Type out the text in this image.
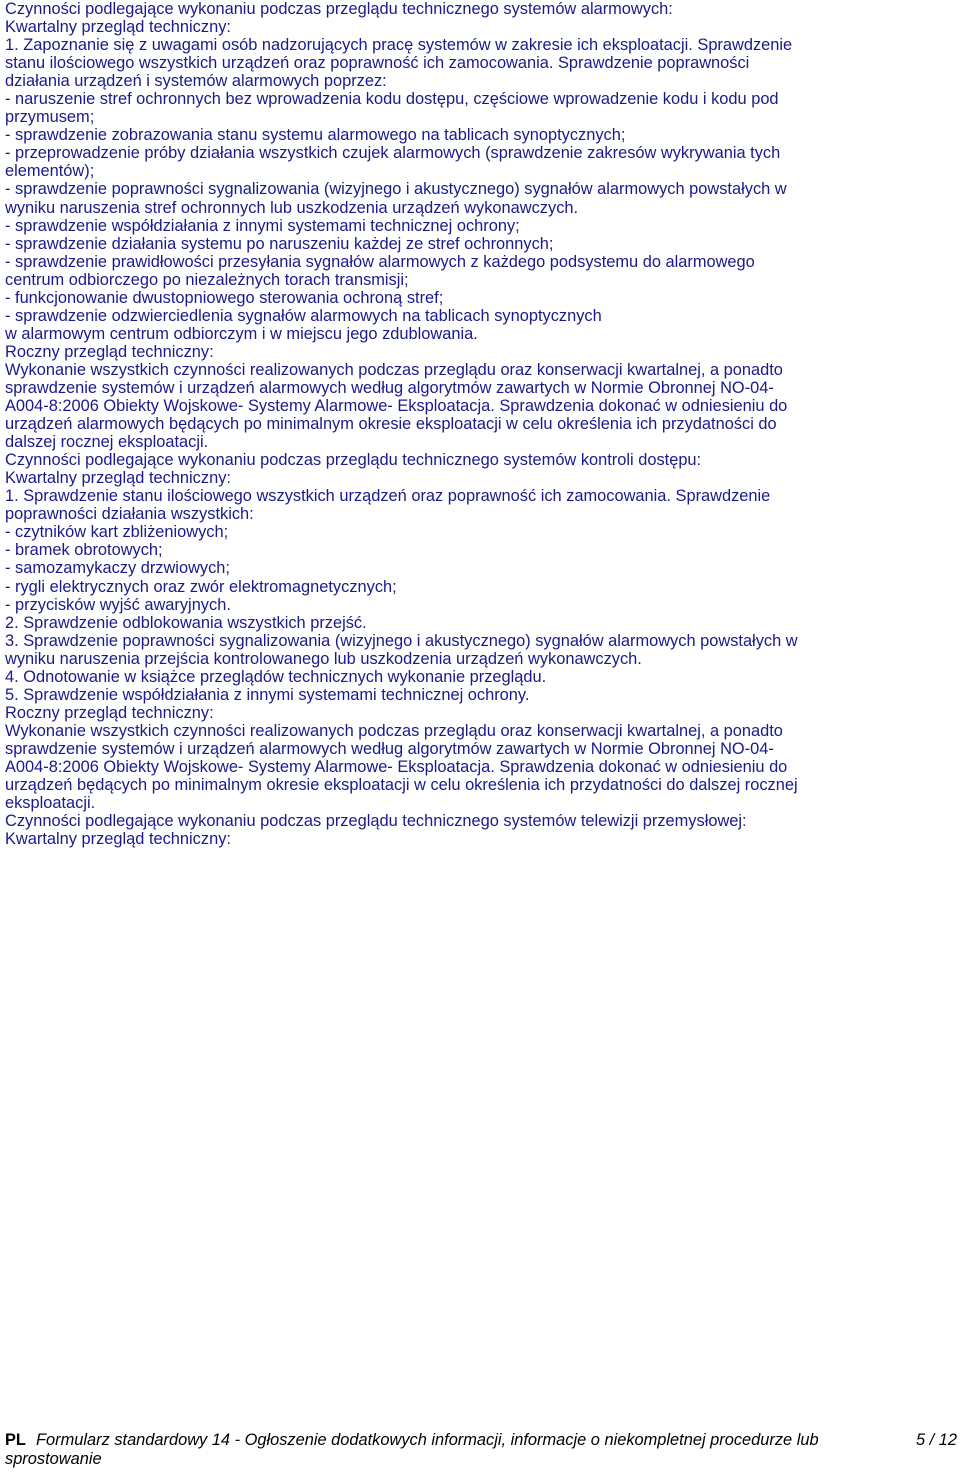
Czynności podlegające wykonaniu podczas przeglądu technicznego systemów alarmowych:
Kwartalny przegląd techniczny:
1. Zapoznanie się z uwagami osób nadzorujących pracę systemów w zakresie ich eksploatacji. Sprawdzenie
stanu ilościowego wszystkich urządzeń oraz poprawność ich zamocowania. Sprawdzenie poprawności
działania urządzeń i systemów alarmowych poprzez:
- naruszenie stref ochronnych bez wprowadzenia kodu dostępu, częściowe wprowadzenie kodu i kodu pod
przymusem;
- sprawdzenie zobrazowania stanu systemu alarmowego na tablicach synoptycznych;
- przeprowadzenie próby działania wszystkich czujek alarmowych (sprawdzenie zakresów wykrywania tych
elementów);
- sprawdzenie poprawności sygnalizowania (wizyjnego i akustycznego) sygnałów alarmowych powstałych w
wyniku naruszenia stref ochronnych lub uszkodzenia urządzeń wykonawczych.
- sprawdzenie współdziałania z innymi systemami technicznej ochrony;
- sprawdzenie działania systemu po naruszeniu każdej ze stref ochronnych;
- sprawdzenie prawidłowości przesyłania sygnałów alarmowych z każdego podsystemu do alarmowego
centrum odbiorczego po niezależnych torach transmisji;
- funkcjonowanie dwustopniowego sterowania ochroną stref;
- sprawdzenie odzwierciedlenia sygnałów alarmowych na tablicach synoptycznych
w alarmowym centrum odbiorczym i w miejscu jego zdublowania.
Roczny przegląd techniczny:
Wykonanie wszystkich czynności realizowanych podczas przeglądu oraz konserwacji kwartalnej, a ponadto
sprawdzenie systemów i urządzeń alarmowych według algorytmów zawartych w Normie Obronnej NO-04-
A004-8:2006 Obiekty Wojskowe- Systemy Alarmowe- Eksploatacja. Sprawdzenia dokonać w odniesieniu do
urządzeń alarmowych będących po minimalnym okresie eksploatacji w celu określenia ich przydatności do
dalszej rocznej eksploatacji.
Czynności podlegające wykonaniu podczas przeglądu technicznego systemów kontroli dostępu:
Kwartalny przegląd techniczny:
1. Sprawdzenie stanu ilościowego wszystkich urządzeń oraz poprawność ich zamocowania. Sprawdzenie
poprawności działania wszystkich:
- czytników kart zbliżeniowych;
- bramek obrotowych;
- samozamykaczy drzwiowych;
- rygli elektrycznych oraz zwór elektromagnetycznych;
- przycisków wyjść awaryjnych.
2. Sprawdzenie odblokowania wszystkich przejść.
3. Sprawdzenie poprawności sygnalizowania (wizyjnego i akustycznego) sygnałów alarmowych powstałych w
wyniku naruszenia przejścia kontrolowanego lub uszkodzenia urządzeń wykonawczych.
4. Odnotowanie w książce przeglądów technicznych wykonanie przeglądu.
5. Sprawdzenie współdziałania z innymi systemami technicznej ochrony.
Roczny przegląd techniczny:
Wykonanie wszystkich czynności realizowanych podczas przeglądu oraz konserwacji kwartalnej, a ponadto
sprawdzenie systemów i urządzeń alarmowych według algorytmów zawartych w Normie Obronnej NO-04-
A004-8:2006 Obiekty Wojskowe- Systemy Alarmowe- Eksploatacja. Sprawdzenia dokonać w odniesieniu do
urządzeń będących po minimalnym okresie eksploatacji w celu określenia ich przydatności do dalszej rocznej
eksploatacji.
Czynności podlegające wykonaniu podczas przeglądu technicznego systemów telewizji przemysłowej:
Kwartalny przegląd techniczny:
PL Formularz standardowy 14 - Ogłoszenie dodatkowych informacji, informacje o niekompletnej procedurze lub
sprostowanie
5 / 12
